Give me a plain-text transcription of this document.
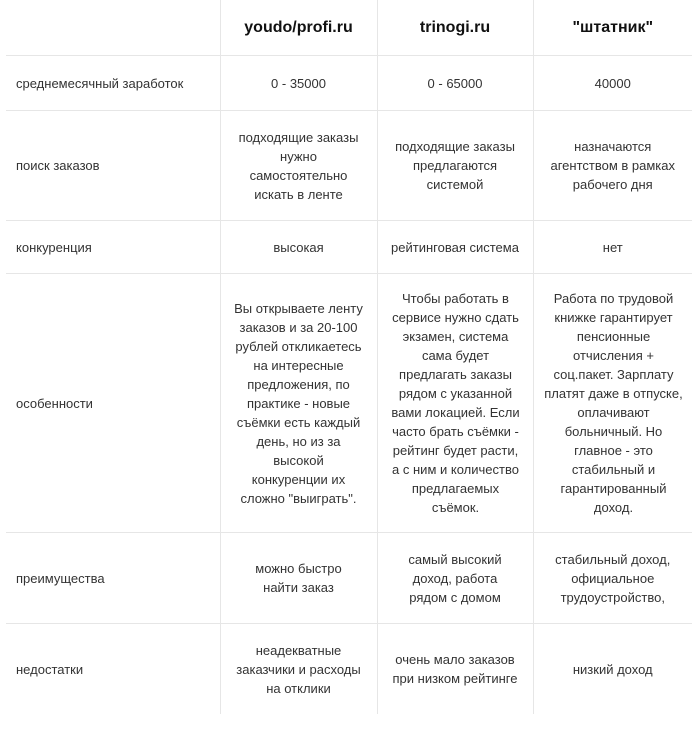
	youdo/profi.ru	trinogi.ru	"штатник"
среднемесячный заработок	0 - 35000	0 - 65000	40000
поиск заказов	подходящие заказы нужно самостоятельно искать в ленте	подходящие заказы предлагаются системой	назначаются агентством в рамках рабочего дня

конкуренция	высокая	рейтинговая система	нет
особенности	Вы открываете ленту заказов и за 20-100 рублей откликаетесь на интересные предложения, по практике - новые съёмки есть каждый день, но из за высокой конкуренции их сложно "выиграть".	Чтобы работать в сервисе нужно сдать экзамен, система сама будет предлагать заказы рядом с указанной вами локацией. Если часто брать съёмки - рейтинг будет расти, а с ним и количество предлагаемых съёмок.	Работа по трудовой книжке гарантирует пенсионные отчисления + соц.пакет. Зарплату платят даже в отпуске, оплачивают больничный. Но главное - это стабильный и гарантированный доход.

преимущества	можно быстро найти заказ	самый высокий доход, работа рядом с домом	стабильный доход, официальное трудоустройство,

недостатки	неадекватные заказчики и расходы на отклики	очень мало заказов при низком рейтинге	низкий доход
